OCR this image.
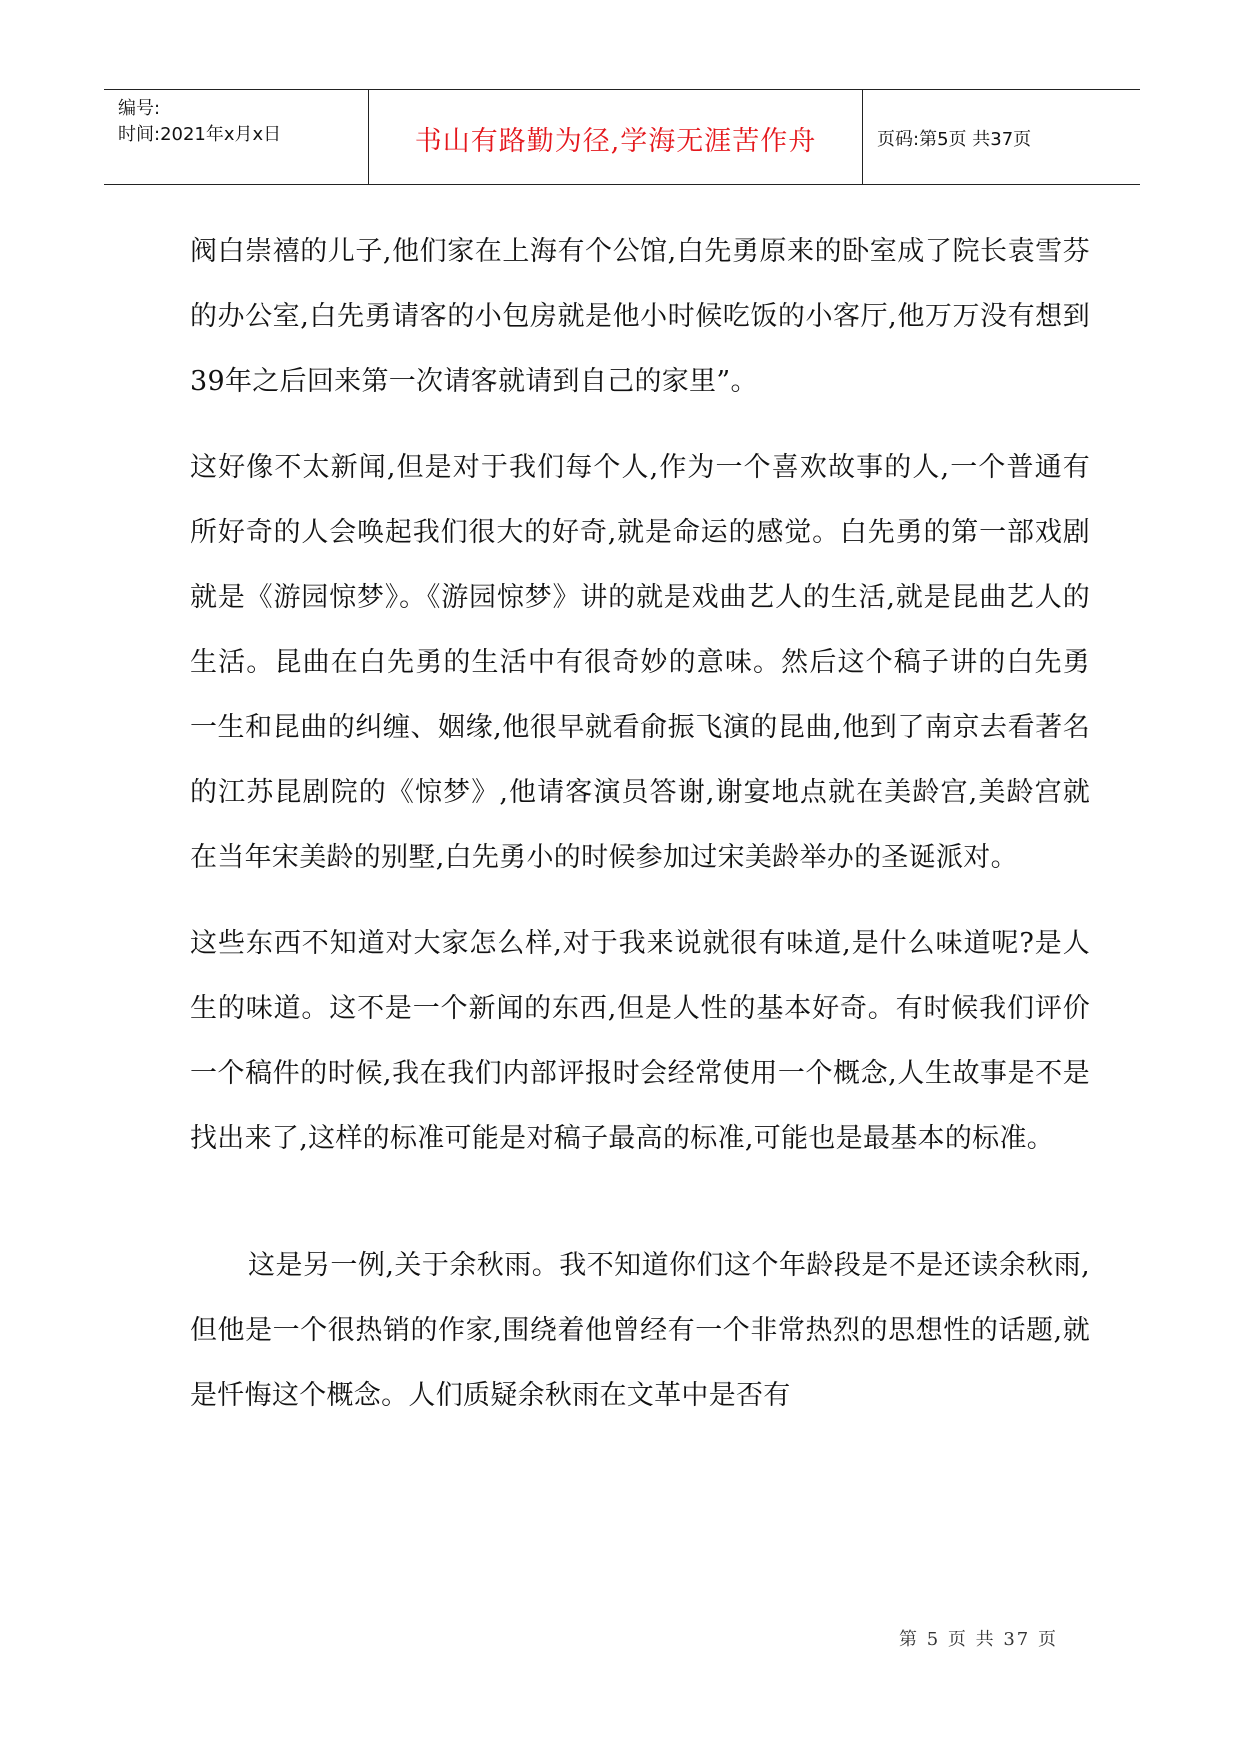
编号:
时间:2021年x月x日	书山有路勤为径,学海无涯苦作舟	页码:第5页 共37页

阀白崇禧的儿子,他们家在上海有个公馆,白先勇原来的卧室成了院长袁雪芬的办公室,白先勇请客的小包房就是他小时候吃饭的小客厅,他万万没有想到39年之后回来第一次请客就请到自己的家里”。

这好像不太新闻,但是对于我们每个人,作为一个喜欢故事的人,一个普通有所好奇的人会唤起我们很大的好奇,就是命运的感觉。白先勇的第一部戏剧就是《游园惊梦》。《游园惊梦》讲的就是戏曲艺人的生活,就是昆曲艺人的生活。昆曲在白先勇的生活中有很奇妙的意味。然后这个稿子讲的白先勇一生和昆曲的纠缠、姻缘,他很早就看俞振飞演的昆曲,他到了南京去看著名的江苏昆剧院的《惊梦》,他请客演员答谢,谢宴地点就在美龄宫,美龄宫就在当年宋美龄的别墅,白先勇小的时候参加过宋美龄举办的圣诞派对。

这些东西不知道对大家怎么样,对于我来说就很有味道,是什么味道呢?是人生的味道。这不是一个新闻的东西,但是人性的基本好奇。有时候我们评价一个稿件的时候,我在我们内部评报时会经常使用一个概念,人生故事是不是找出来了,这样的标准可能是对稿子最高的标准,可能也是最基本的标准。

这是另一例,关于余秋雨。我不知道你们这个年龄段是不是还读余秋雨,但他是一个很热销的作家,围绕着他曾经有一个非常热烈的思想性的话题,就是忏悔这个概念。人们质疑余秋雨在文革中是否有

第 5 页 共 37 页
